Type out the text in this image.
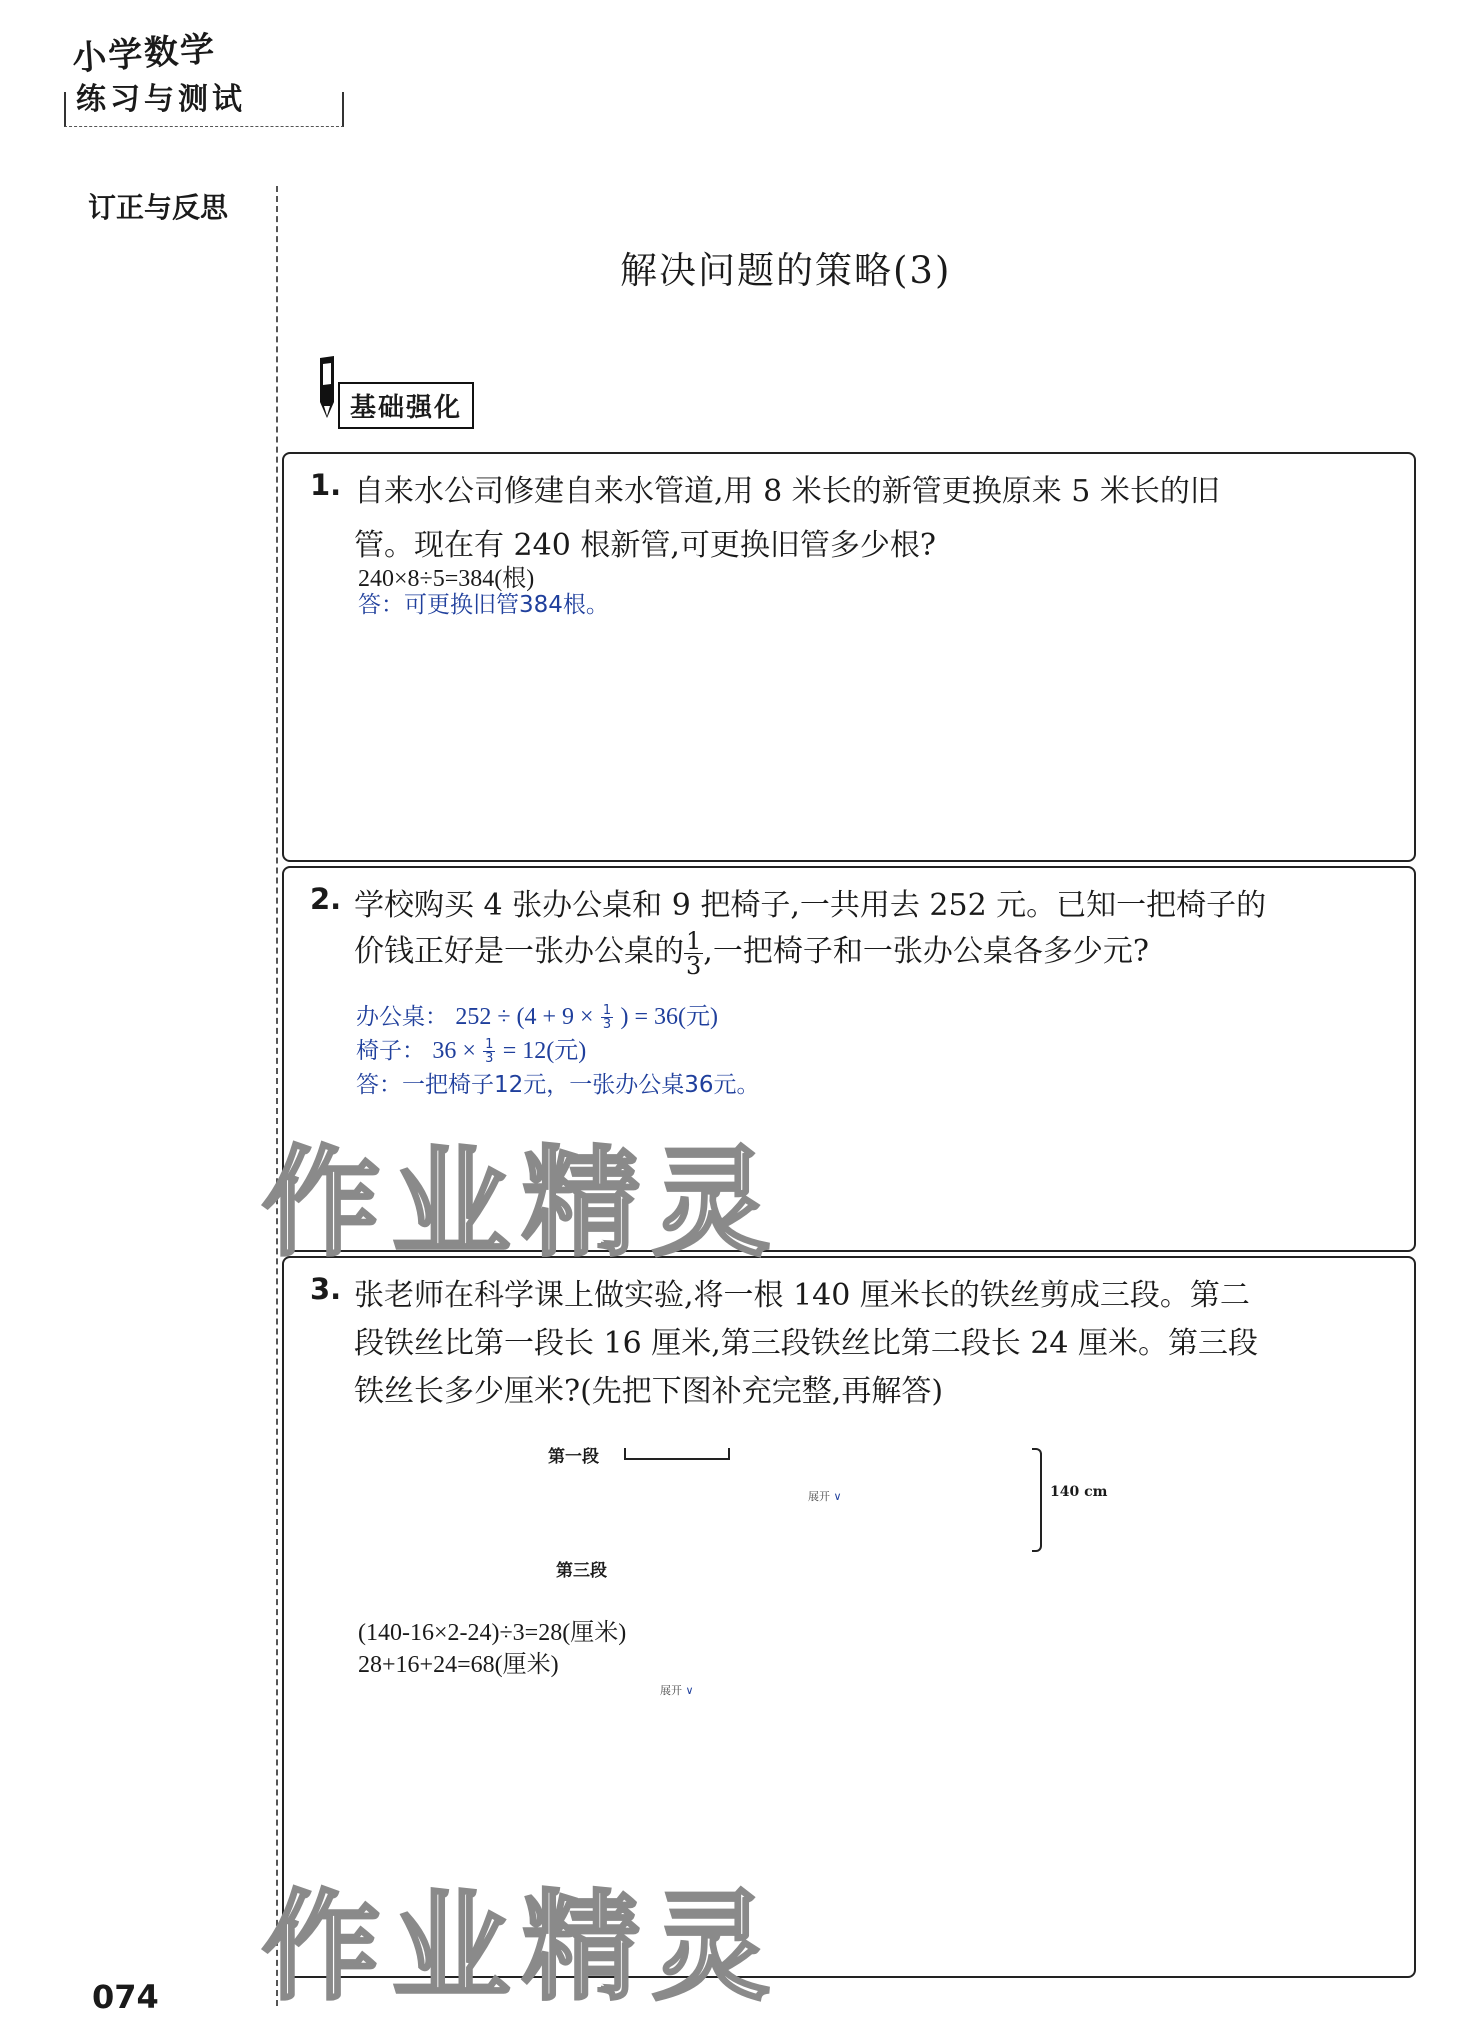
小学数学
练习与测试
订正与反思
解决问题的策略(3)
基础强化
1. 自来水公司修建自来水管道,用 8 米长的新管更换原来 5 米长的旧
管。现在有 240 根新管,可更换旧管多少根?
240×8÷5=384(根)
答：可更换旧管384根。
2. 学校购买 4 张办公桌和 9 把椅子,一共用去 252 元。已知一把椅子的
价钱正好是一张办公桌的 $\frac{1}{3}$ ,一把椅子和一张办公桌各多少元?
办公桌： $252 \div (4 + 9 \times \frac{1}{3}$ ) = 36(元)
椅子： $36 \times \frac{1}{3} = 12$(元)
答：一把椅子12元，一张办公桌36元。
3. 张老师在科学课上做实验,将一根 140 厘米长的铁丝剪成三段。第二
段铁丝比第一段长 16 厘米,第三段铁丝比第二段长 24 厘米。第三段
铁丝长多少厘米?(先把下图补充完整,再解答)
第一段
展开 ∨
第三段
140 cm
(140-16×2-24)÷3=28(厘米)
28+16+24=68(厘米)
展开 ∨
作业精灵
作业精灵
074
